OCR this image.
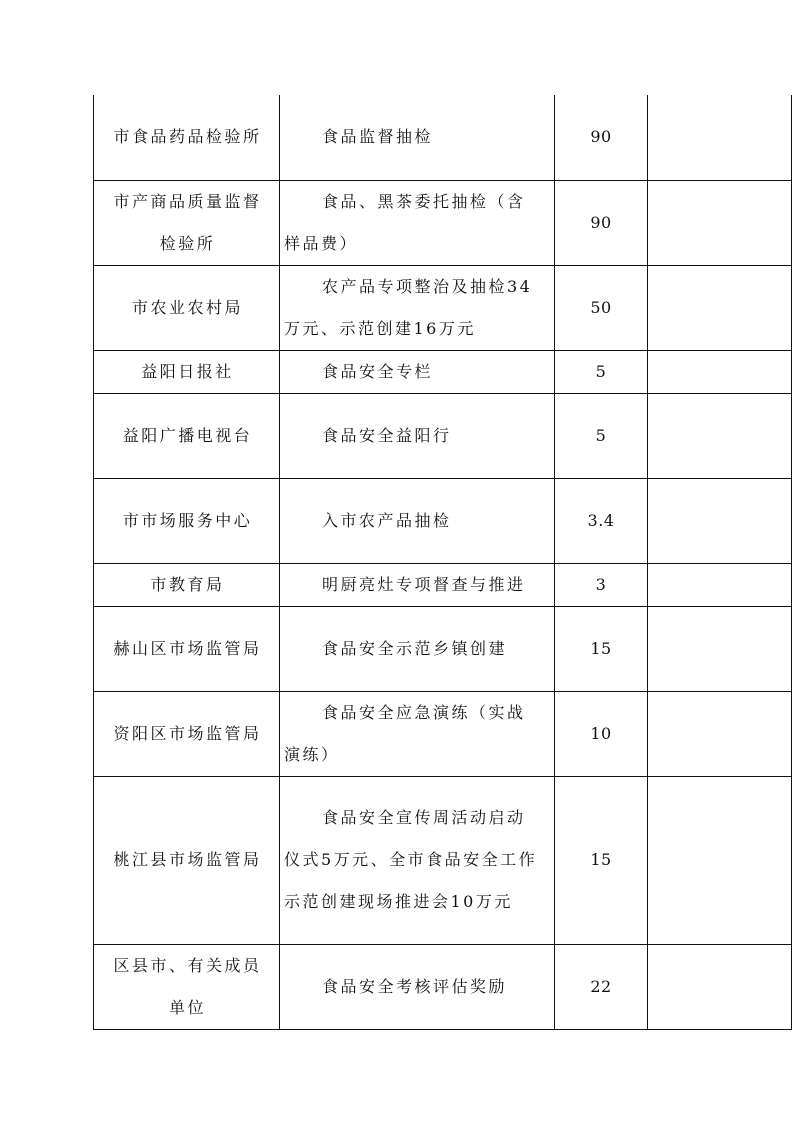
市食品药品检验所	食品监督抽检	90	
市产商品质量监督检验所	食品、黑茶委托抽检（含样品费）	90	
市农业农村局	农产品专项整治及抽检34万元、示范创建16万元	50	
益阳日报社	食品安全专栏	5	
益阳广播电视台	食品安全益阳行	5	
市市场服务中心	入市农产品抽检	3.4	
市教育局	明厨亮灶专项督查与推进	3	
赫山区市场监管局	食品安全示范乡镇创建	15	
资阳区市场监管局	食品安全应急演练（实战演练）	10	
桃江县市场监管局	食品安全宣传周活动启动仪式5万元、全市食品安全工作示范创建现场推进会10万元	15	
区县市、有关成员单位	食品安全考核评估奖励	22	
